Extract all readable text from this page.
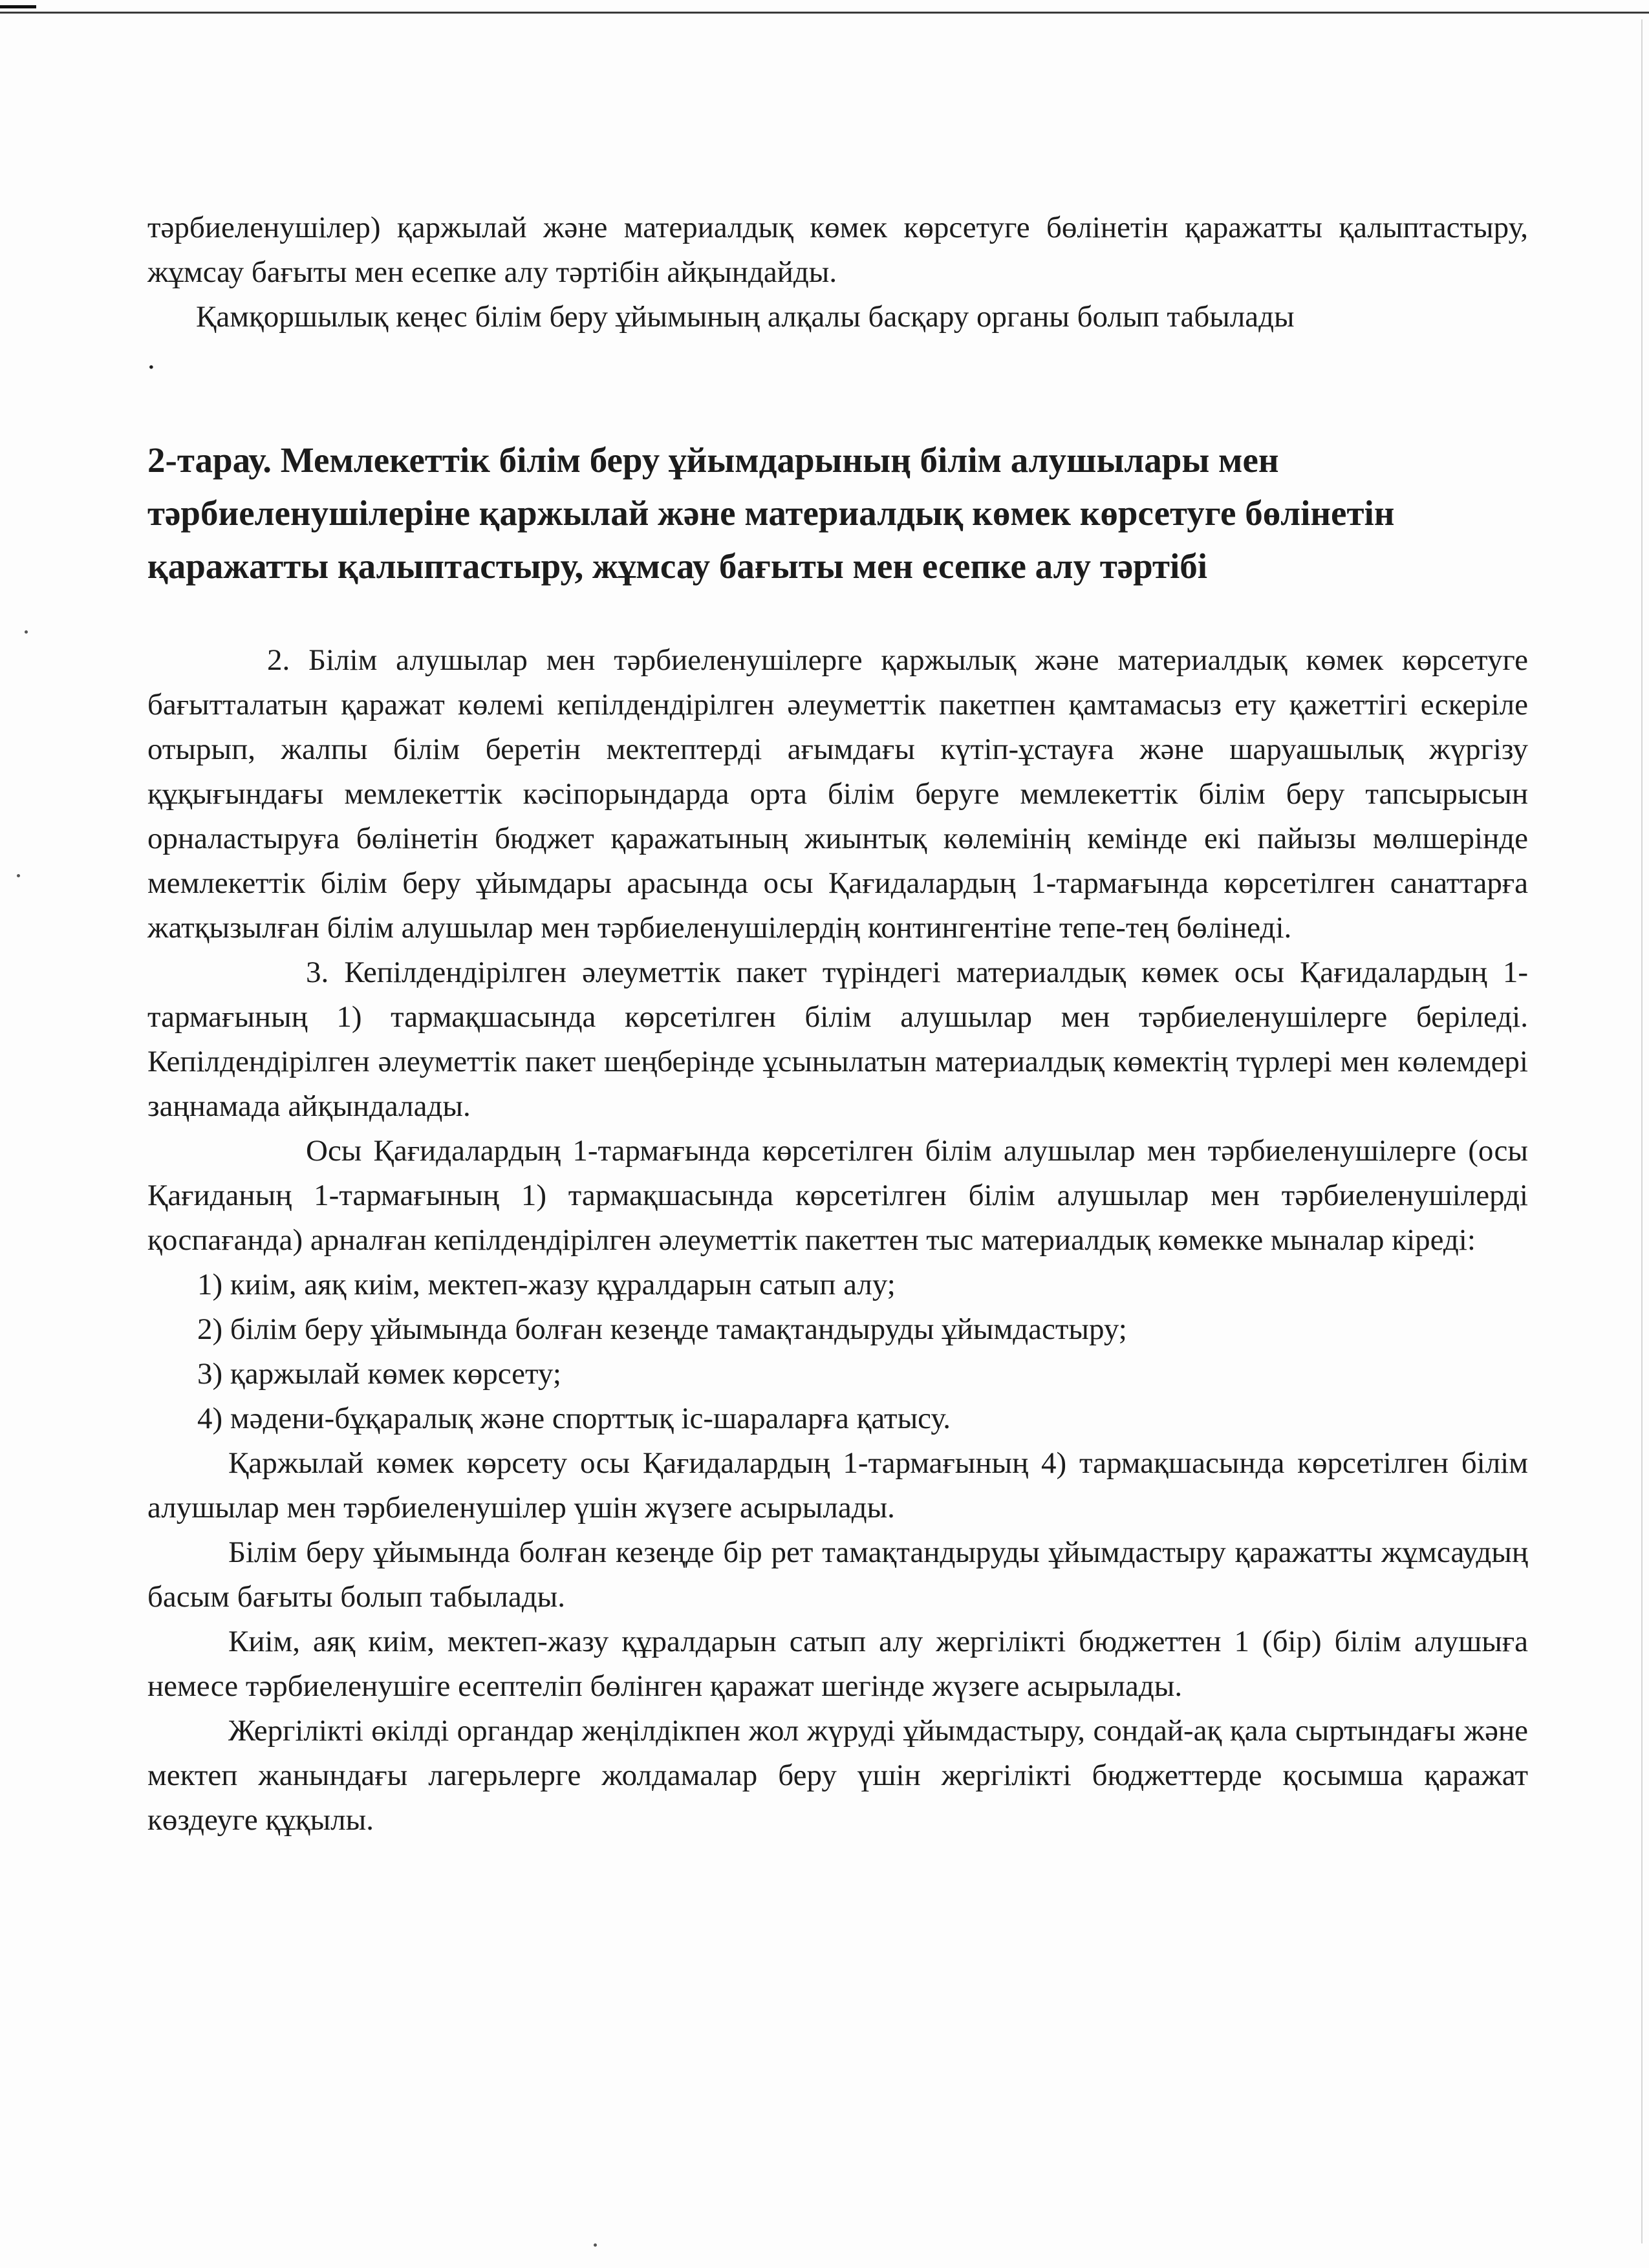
тәрбиеленушілер) қаржылай және материалдық көмек көрсетуге бөлінетін қаражатты қалыптастыру, жұмсау бағыты мен есепке алу тәртібін айқындайды.

Қамқоршылық кеңес білім беру ұйымының алқалы басқару органы болып табылады

.

2-тарау. Мемлекеттік білім беру ұйымдарының білім алушылары мен тәрбиеленушілеріне қаржылай және материалдық көмек көрсетуге бөлінетін қаражатты қалыптастыру, жұмсау бағыты мен есепке алу тәртібі

2. Білім алушылар мен тәрбиеленушілерге қаржылық және материалдық көмек көрсетуге бағытталатын қаражат көлемі кепілдендірілген әлеуметтік пакетпен қамтамасыз ету қажеттігі ескеріле отырып, жалпы білім беретін мектептерді ағымдағы күтіп-ұстауға және шаруашылық жүргізу құқығындағы мемлекеттік кәсіпорындарда орта білім беруге мемлекеттік білім беру тапсырысын орналастыруға бөлінетін бюджет қаражатының жиынтық көлемінің кемінде екі пайызы мөлшерінде мемлекеттік білім беру ұйымдары арасында осы Қағидалардың 1-тармағында көрсетілген санаттарға жатқызылған білім алушылар мен тәрбиеленушілердің контингентіне тепе-тең бөлінеді.

3. Кепілдендірілген әлеуметтік пакет түріндегі материалдық көмек осы Қағидалардың 1-тармағының 1) тармақшасында көрсетілген білім алушылар мен тәрбиеленушілерге беріледі. Кепілдендірілген әлеуметтік пакет шеңберінде ұсынылатын материалдық көмектің түрлері мен көлемдері заңнамада айқындалады.

Осы Қағидалардың 1-тармағында көрсетілген білім алушылар мен тәрбиеленушілерге (осы Қағиданың 1-тармағының 1) тармақшасында көрсетілген білім алушылар мен тәрбиеленушілерді қоспағанда) арналған кепілдендірілген әлеуметтік пакеттен тыс материалдық көмекке мыналар кіреді:

1) киім, аяқ киім, мектеп-жазу құралдарын сатып алу;

2) білім беру ұйымында болған кезеңде тамақтандыруды ұйымдастыру;

3) қаржылай көмек көрсету;

4) мәдени-бұқаралық және спорттық іс-шараларға қатысу.

Қаржылай көмек көрсету осы Қағидалардың 1-тармағының 4) тармақшасында көрсетілген білім алушылар мен тәрбиеленушілер үшін жүзеге асырылады.

Білім беру ұйымында болған кезеңде бір рет тамақтандыруды ұйымдастыру қаражатты жұмсаудың басым бағыты болып табылады.

Киім, аяқ киім, мектеп-жазу құралдарын сатып алу жергілікті бюджеттен 1 (бір) білім алушыға немесе тәрбиеленушіге есептеліп бөлінген қаражат шегінде жүзеге асырылады.

Жергілікті өкілді органдар жеңілдікпен жол жүруді ұйымдастыру, сондай-ақ қала сыртындағы және мектеп жанындағы лагерьлерге жолдамалар беру үшін жергілікті бюджеттерде қосымша қаражат көздеуге құқылы.
